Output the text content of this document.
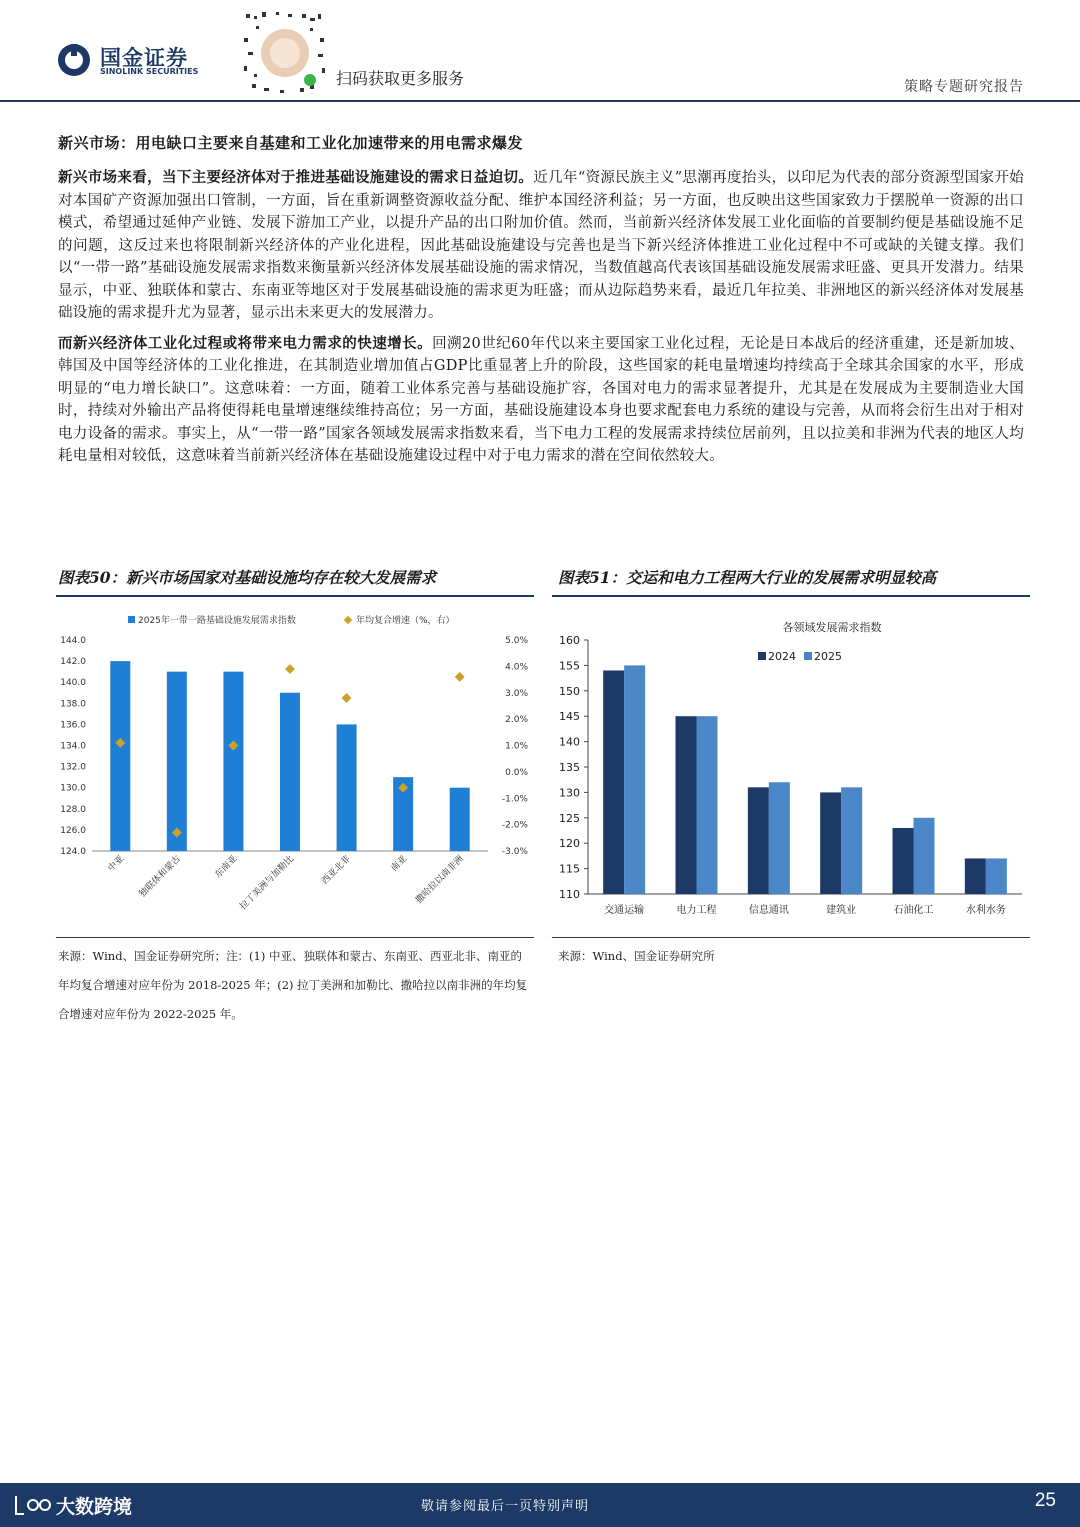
国金证券
SINOLINK SECURITIES	扫码获取更多服务	策略专题研究报告
新兴市场：用电缺口主要来自基建和工业化加速带来的用电需求爆发

新兴市场来看，当下主要经济体对于推进基础设施建设的需求日益迫切。近几年“资源民族主义”思潮再度抬头，以印尼为代表的部分资源型国家开始对本国矿产资源加强出口管制，一方面，旨在重新调整资源收益分配、维护本国经济利益；另一方面，也反映出这些国家致力于摆脱单一资源的出口模式，希望通过延伸产业链、发展下游加工产业，以提升产品的出口附加价值。然而，当前新兴经济体发展工业化面临的首要制约便是基础设施不足的问题，这反过来也将限制新兴经济体的产业化进程，因此基础设施建设与完善也是当下新兴经济体推进工业化过程中不可或缺的关键支撑。我们以“一带一路”基础设施发展需求指数来衡量新兴经济体发展基础设施的需求情况，当数值越高代表该国基础设施发展需求旺盛、更具开发潜力。结果显示，中亚、独联体和蒙古、东南亚等地区对于发展基础设施的需求更为旺盛；而从边际趋势来看，最近几年拉美、非洲地区的新兴经济体对发展基础设施的需求提升尤为显著，显示出未来更大的发展潜力。

而新兴经济体工业化过程或将带来电力需求的快速增长。回溯20世纪60年代以来主要国家工业化过程，无论是日本战后的经济重建，还是新加坡、韩国及中国等经济体的工业化推进，在其制造业增加值占GDP比重显著上升的阶段，这些国家的耗电量增速均持续高于全球其余国家的水平，形成明显的“电力增长缺口”。这意味着：一方面，随着工业体系完善与基础设施扩容，各国对电力的需求显著提升，尤其是在发展成为主要制造业大国时，持续对外输出产品将使得耗电量增速继续维持高位；另一方面，基础设施建设本身也要求配套电力系统的建设与完善，从而将会衍生出对于相对电力设备的需求。事实上，从“一带一路”国家各领域发展需求指数来看，当下电力工程的发展需求持续位居前列，且以拉美和非洲为代表的地区人均耗电量相对较低，这意味着当前新兴经济体在基础设施建设过程中对于电力需求的潜在空间依然较大。

图表50：新兴市场国家对基础设施均存在较大发展需求	图表51：交运和电力工程两大行业的发展需求明显较高
2025年一带一路基础设施发展需求指数	年均复合增速（%，右）
124.0
126.0
128.0
130.0
132.0
134.0
136.0
138.0
140.0
142.0
144.0
-3.0%
-2.0%
-1.0%
0.0%
1.0%
2.0%
3.0%
4.0%
5.0%
中亚 独联体和蒙古	东南亚
拉丁美洲与加勒比	西亚北非	南亚 撒哈拉以南非洲
各领域发展需求指数
2024 2025
110
115
120
125
130
135
140
145
150
155
160
交通运输	电力工程	信息通讯	建筑业	石油化工	水利水务
来源：Wind、国金证券研究所；注：(1) 中亚、独联体和蒙古、东南亚、西亚北非、南亚的年均复合增速对应年份为 2018-2025 年；(2) 拉丁美洲和加勒比、撒哈拉以南非洲的年均复合增速对应年份为 2022-2025 年。
来源：Wind、国金证券研究所
大数跨境	敬请参阅最后一页特别声明	25
